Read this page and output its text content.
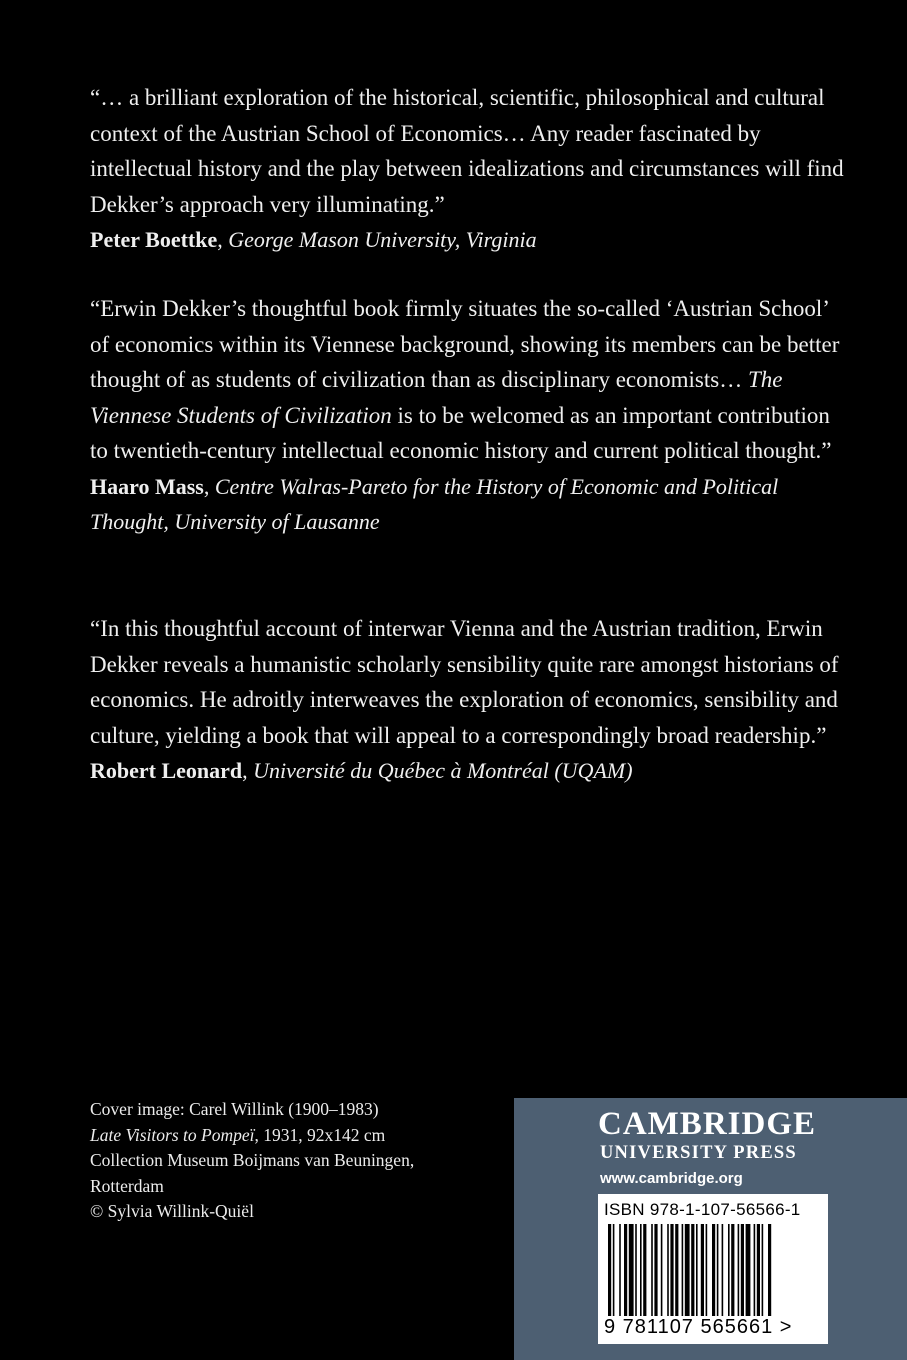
“… a brilliant exploration of the historical, scientific, philosophical and cultural context of the Austrian School of Economics… Any reader fascinated by intellectual history and the play between idealizations and circumstances will find Dekker’s approach very illuminating.”

Peter Boettke, George Mason University, Virginia

“Erwin Dekker’s thoughtful book firmly situates the so-called ‘Austrian School’ of economics within its Viennese background, showing its members can be better thought of as students of civilization than as disciplinary economists… The Viennese Students of Civilization is to be welcomed as an important contribution to twentieth-century intellectual economic history and current political thought.”

Haaro Mass, Centre Walras-Pareto for the History of Economic and Political Thought, University of Lausanne

“In this thoughtful account of interwar Vienna and the Austrian tradition, Erwin Dekker reveals a humanistic scholarly sensibility quite rare amongst historians of economics. He adroitly interweaves the exploration of economics, sensibility and culture, yielding a book that will appeal to a correspondingly broad readership.”

Robert Leonard, Université du Québec à Montréal (UQAM)
Cover image: Carel Willink (1900–1983)
Late Visitors to Pompeï, 1931, 92x142 cm
Collection Museum Boijmans van Beuningen,
Rotterdam
© Sylvia Willink-Quiël
CAMBRIDGE
UNIVERSITY PRESS
www.cambridge.org
ISBN 978-1-107-56566-1
9 781107 565661 >
